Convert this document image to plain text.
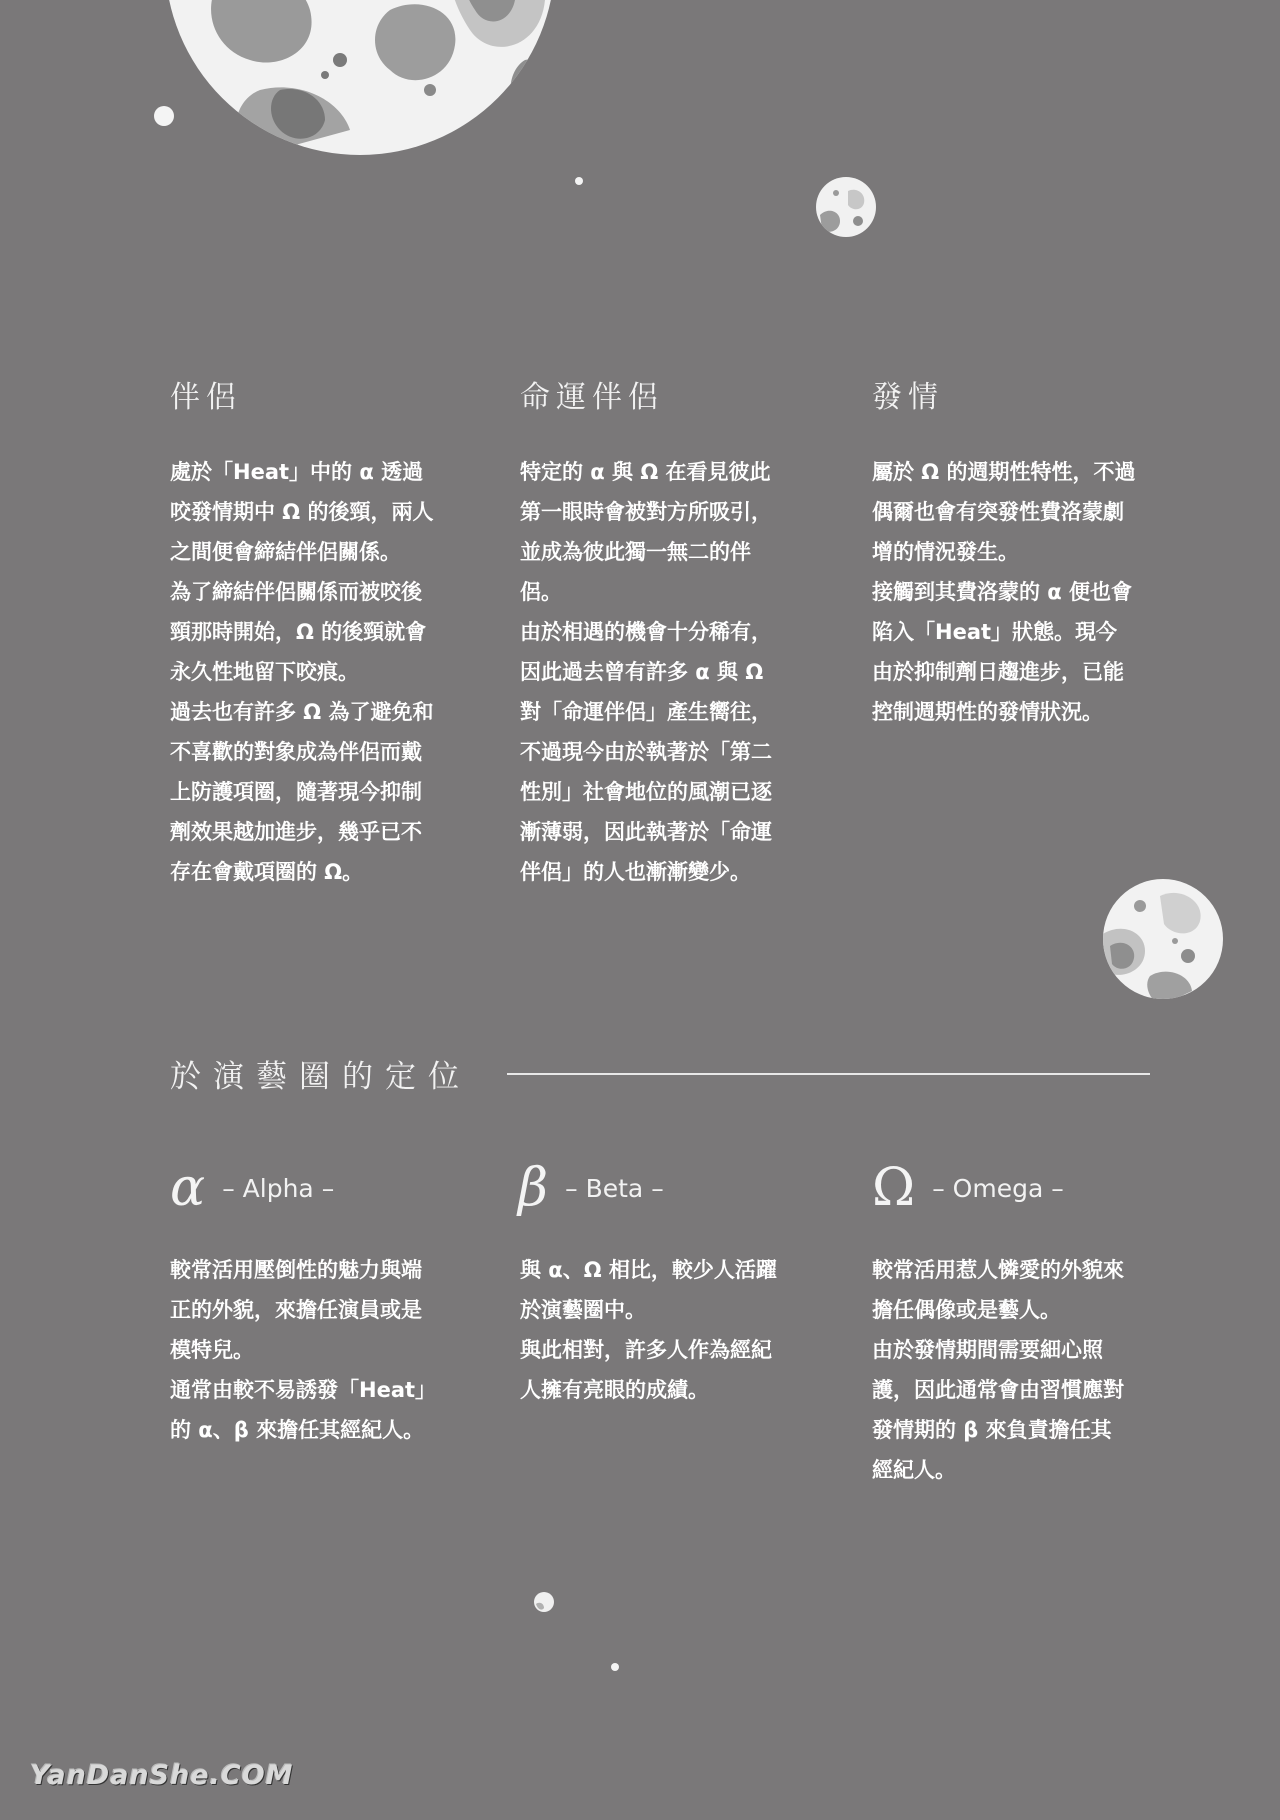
伴侶
處於「Heat」中的 α 透過
咬發情期中 Ω 的後頸，兩人
之間便會締結伴侶關係。
為了締結伴侶關係而被咬後
頸那時開始，Ω 的後頸就會
永久性地留下咬痕。
過去也有許多 Ω 為了避免和
不喜歡的對象成為伴侶而戴
上防護項圈，隨著現今抑制
劑效果越加進步，幾乎已不
存在會戴項圈的 Ω。
命運伴侶
特定的 α 與 Ω 在看見彼此
第一眼時會被對方所吸引，
並成為彼此獨一無二的伴
侶。
由於相遇的機會十分稀有，
因此過去曾有許多 α 與 Ω
對「命運伴侶」產生嚮往，
不過現今由於執著於「第二
性別」社會地位的風潮已逐
漸薄弱，因此執著於「命運
伴侶」的人也漸漸變少。
發情
屬於 Ω 的週期性特性，不過
偶爾也會有突發性費洛蒙劇
增的情況發生。
接觸到其費洛蒙的 α 便也會
陷入「Heat」狀態。現今
由於抑制劑日趨進步，已能
控制週期性的發情狀況。
於演藝圈的定位
α – Alpha –
較常活用壓倒性的魅力與端
正的外貌，來擔任演員或是
模特兒。
通常由較不易誘發「Heat」
的 α、β 來擔任其經紀人。
β – Beta –
與 α、Ω 相比，較少人活躍
於演藝圈中。
與此相對，許多人作為經紀
人擁有亮眼的成績。
Ω – Omega –
較常活用惹人憐愛的外貌來
擔任偶像或是藝人。
由於發情期間需要細心照
護，因此通常會由習慣應對
發情期的 β 來負責擔任其
經紀人。
YanDanShe.COM
